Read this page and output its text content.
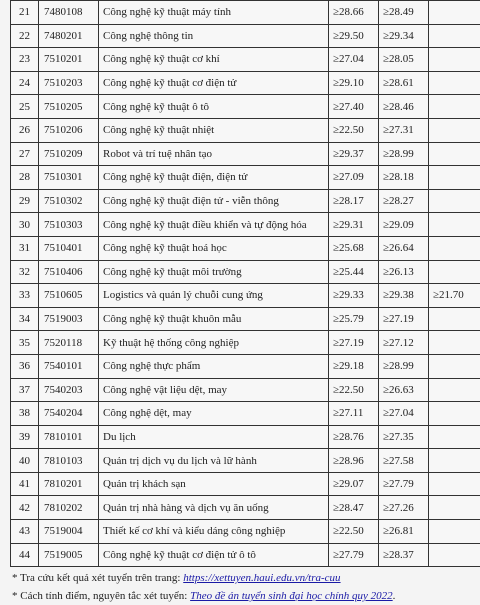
21	7480108	Công nghệ kỹ thuật máy tính	≥28.66	≥28.49	
22	7480201	Công nghệ thông tin	≥29.50	≥29.34	
23	7510201	Công nghệ kỹ thuật cơ khí	≥27.04	≥28.05	
24	7510203	Công nghệ kỹ thuật cơ điện tử	≥29.10	≥28.61	
25	7510205	Công nghệ kỹ thuật ô tô	≥27.40	≥28.46	
26	7510206	Công nghệ kỹ thuật nhiệt	≥22.50	≥27.31	
27	7510209	Robot và trí tuệ nhân tạo	≥29.37	≥28.99	
28	7510301	Công nghệ kỹ thuật điện, điện tử	≥27.09	≥28.18	
29	7510302	Công nghệ kỹ thuật điện tử - viễn thông	≥28.17	≥28.27	
30	7510303	Công nghệ kỹ thuật điều khiển và tự động hóa	≥29.31	≥29.09	
31	7510401	Công nghệ kỹ thuật hoá học	≥25.68	≥26.64	
32	7510406	Công nghệ kỹ thuật môi trường	≥25.44	≥26.13	
33	7510605	Logistics và quản lý chuỗi cung ứng	≥29.33	≥29.38	≥21.70
34	7519003	Công nghệ kỹ thuật khuôn mẫu	≥25.79	≥27.19	
35	7520118	Kỹ thuật hệ thống công nghiệp	≥27.19	≥27.12	
36	7540101	Công nghệ thực phẩm	≥29.18	≥28.99	
37	7540203	Công nghệ vật liệu dệt, may	≥22.50	≥26.63	
38	7540204	Công nghệ dệt, may	≥27.11	≥27.04	
39	7810101	Du lịch	≥28.76	≥27.35	
40	7810103	Quản trị dịch vụ du lịch và lữ hành	≥28.96	≥27.58	
41	7810201	Quản trị khách sạn	≥29.07	≥27.79	
42	7810202	Quản trị nhà hàng và dịch vụ ăn uống	≥28.47	≥27.26	
43	7519004	Thiết kế cơ khí và kiểu dáng công nghiệp	≥22.50	≥26.81	
44	7519005	Công nghệ kỹ thuật cơ điện tử ô tô	≥27.79	≥28.37	
* Tra cứu kết quả xét tuyển trên trang: https://xettuyen.haui.edu.vn/tra-cuu
* Cách tính điểm, nguyên tắc xét tuyển: Theo đề án tuyển sinh đại học chính quy 2022.
